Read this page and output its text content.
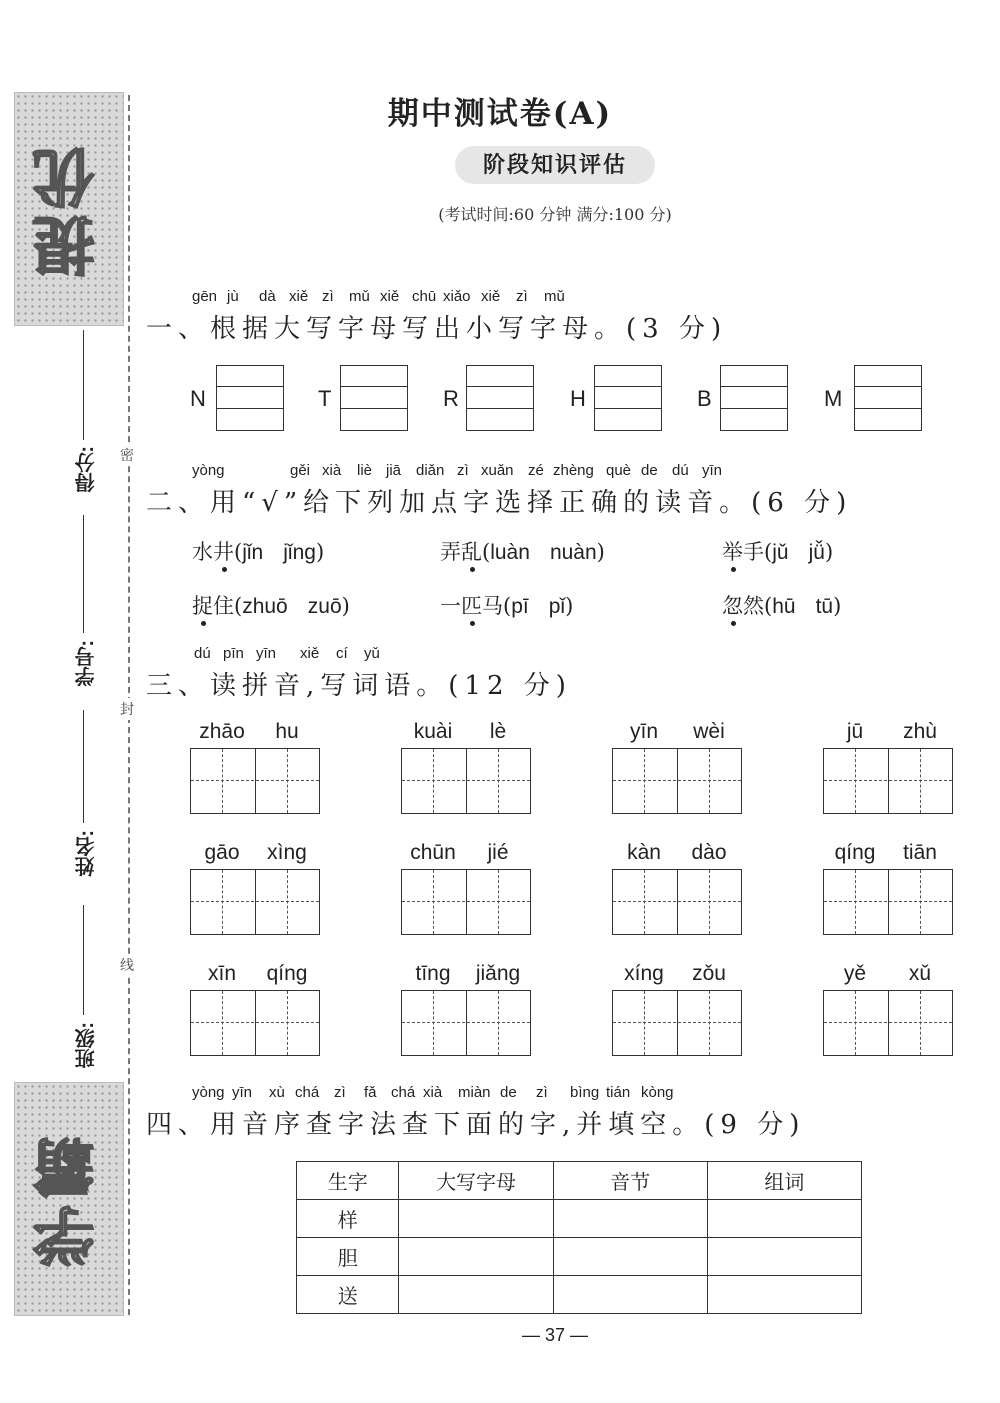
提优
学霸
密
封
线
得分:
学号:
姓名:
班级:
期中测试卷(A)
阶段知识评估
(考试时间:60 分钟 满分:100 分)
gēn jù dà xiě zì mǔ xiě chū xiǎo xiě zì mǔ
一、根据大写字母写出小写字母。(3 分)
N	T	R	H	B	M
yòng	gěi xià liè jiā diǎn zì xuǎn zé zhèng què de dú yīn
二、用“√”给下列加点字选择正确的读音。(6 分)
水井(jǐn jǐng)	弄乱(luàn nuàn)	举手(jǔ jǚ)
捉住(zhuō zuō)	一匹马(pī pǐ)	忽然(hū tū)
dú pīn yīn xiě cí yǔ
三、读拼音,写词语。(12 分)
zhāo	hu	kuài	lè	yīn	wèi	jū	zhù
gāo	xìng	chūn	jié	kàn	dào	qíng	tiān
xīn	qíng	tīng	jiǎng	xíng	zǒu	yě	xǔ
yòng yīn xù chá zì fǎ chá xià miàn de zì bìng tián kòng
四、用音序查字法查下面的字,并填空。(9 分)
生字	大写字母	音节	组词
样			
胆			
送			
— 37 —
